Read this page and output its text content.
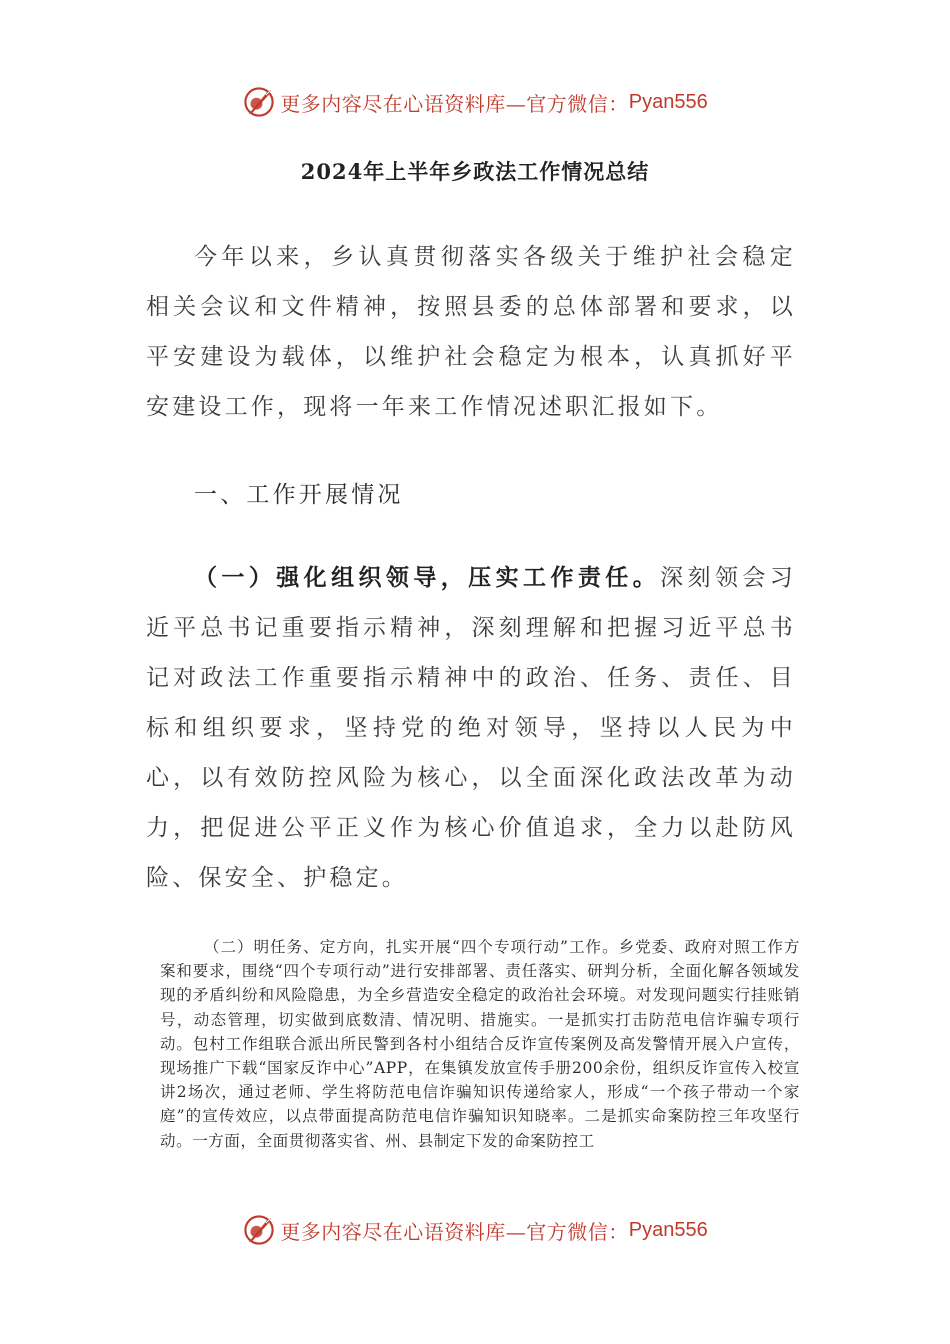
更多内容尽在心语资料库—官方微信： Pyan556
2024年上半年乡政法工作情况总结

今年以来，乡认真贯彻落实各级关于维护社会稳定相关会议和文件精神，按照县委的总体部署和要求，以平安建设为载体，以维护社会稳定为根本，认真抓好平安建设工作，现将一年来工作情况述职汇报如下。

一、工作开展情况

（一）强化组织领导，压实工作责任。深刻领会习近平总书记重要指示精神，深刻理解和把握习近平总书记对政法工作重要指示精神中的政治、任务、责任、目标和组织要求，坚持党的绝对领导，坚持以人民为中心，以有效防控风险为核心，以全面深化政法改革为动力，把促进公平正义作为核心价值追求，全力以赴防风险、保安全、护稳定。

（二）明任务、定方向，扎实开展“四个专项行动”工作。乡党委、政府对照工作方案和要求，围绕“四个专项行动”进行安排部署、责任落实、研判分析，全面化解各领域发现的矛盾纠纷和风险隐患，为全乡营造安全稳定的政治社会环境。对发现问题实行挂账销号，动态管理，切实做到底数清、情况明、措施实。一是抓实打击防范电信诈骗专项行动。包村工作组联合派出所民警到各村小组结合反诈宣传案例及高发警情开展入户宣传，现场推广下载“国家反诈中心”APP，在集镇发放宣传手册200余份，组织反诈宣传入校宣讲2场次，通过老师、学生将防范电信诈骗知识传递给家人，形成“一个孩子带动一个家庭”的宣传效应，以点带面提高防范电信诈骗知识知晓率。二是抓实命案防控三年攻坚行动。一方面，全面贯彻落实省、州、县制定下发的命案防控工

更多内容尽在心语资料库—官方微信： Pyan556
